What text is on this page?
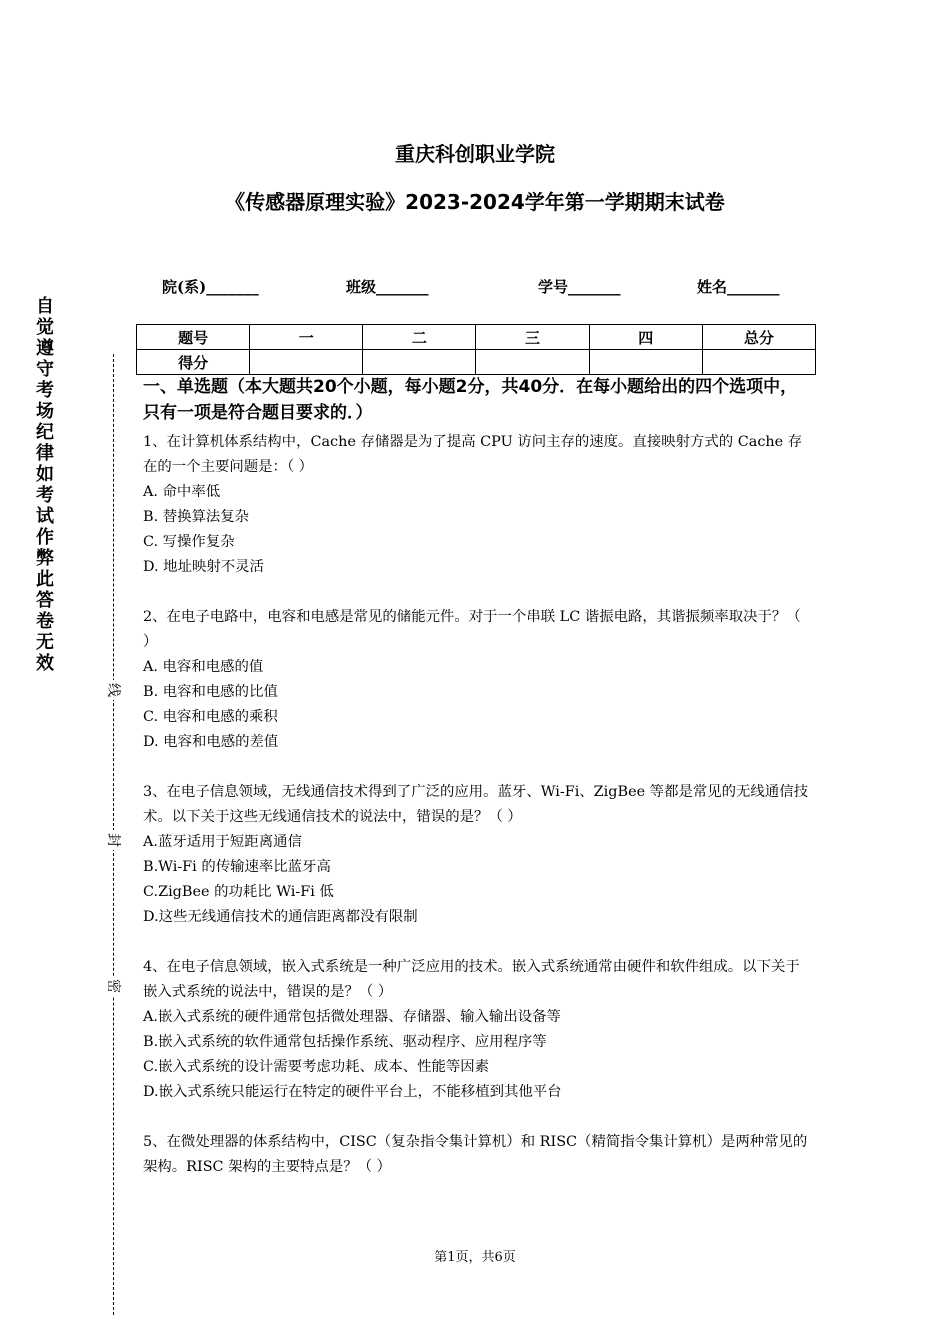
重庆科创职业学院
《传感器原理实验》2023-2024学年第一学期期末试卷
院(系)_______	班级_______	学号_______	姓名_______
题号	一	二	三	四	总分
得分					
自觉遵守考场纪律如考试作弊此答卷无效
线
封
密

一、单选题（本大题共20个小题，每小题2分，共40分．在每小题给出的四个选项中，只有一项是符合题目要求的．）

1、在计算机体系结构中，Cache 存储器是为了提高 CPU 访问主存的速度。直接映射方式的 Cache 存在的一个主要问题是：（ ）

A. 命中率低

B. 替换算法复杂

C. 写操作复杂

D. 地址映射不灵活

2、在电子电路中，电容和电感是常见的储能元件。对于一个串联 LC 谐振电路，其谐振频率取决于？（ ）

A. 电容和电感的值

B. 电容和电感的比值

C. 电容和电感的乘积

D. 电容和电感的差值

3、在电子信息领域，无线通信技术得到了广泛的应用。蓝牙、Wi-Fi、ZigBee 等都是常见的无线通信技术。以下关于这些无线通信技术的说法中，错误的是？（ ）

A.蓝牙适用于短距离通信

B.Wi-Fi 的传输速率比蓝牙高

C.ZigBee 的功耗比 Wi-Fi 低

D.这些无线通信技术的通信距离都没有限制

4、在电子信息领域，嵌入式系统是一种广泛应用的技术。嵌入式系统通常由硬件和软件组成。以下关于嵌入式系统的说法中，错误的是？（ ）

A.嵌入式系统的硬件通常包括微处理器、存储器、输入输出设备等

B.嵌入式系统的软件通常包括操作系统、驱动程序、应用程序等

C.嵌入式系统的设计需要考虑功耗、成本、性能等因素

D.嵌入式系统只能运行在特定的硬件平台上，不能移植到其他平台

5、在微处理器的体系结构中，CISC（复杂指令集计算机）和 RISC（精简指令集计算机）是两种常见的架构。RISC 架构的主要特点是？（ ）

第1页，共6页
